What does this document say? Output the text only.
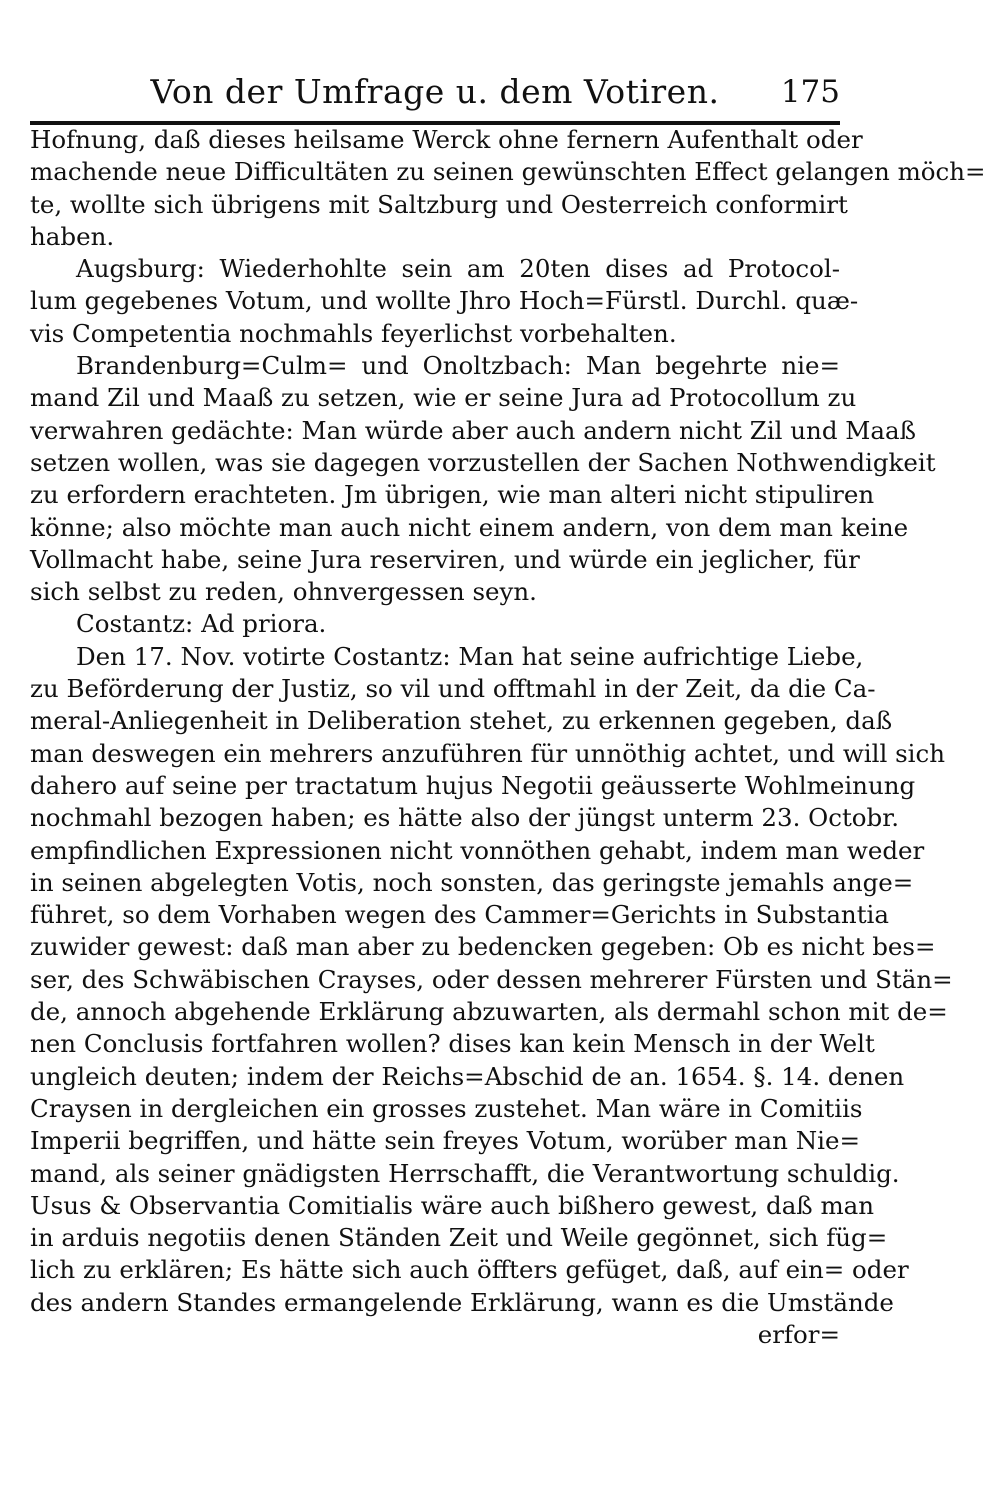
Von der Umfrage u. dem Votiren.	175
Hofnung, daß dieses heilsame Werck ohne fernern Aufenthalt oder
machende neue Difficultäten zu seinen gewünschten Effect gelangen möch=
te, wollte sich übrigens mit Saltzburg und Oesterreich conformirt
haben.
Augsburg: Wiederhohlte sein am 20ten dises ad Protocol-
lum gegebenes Votum, und wollte Jhro Hoch=Fürstl. Durchl. quæ-
vis Competentia nochmahls feyerlichst vorbehalten.
Brandenburg=Culm= und Onoltzbach: Man begehrte nie=
mand Zil und Maaß zu setzen, wie er seine Jura ad Protocollum zu
verwahren gedächte: Man würde aber auch andern nicht Zil und Maaß
setzen wollen, was sie dagegen vorzustellen der Sachen Nothwendigkeit
zu erfordern erachteten. Jm übrigen, wie man alteri nicht stipuliren
könne; also möchte man auch nicht einem andern, von dem man keine
Vollmacht habe, seine Jura reserviren, und würde ein jeglicher, für
sich selbst zu reden, ohnvergessen seyn.
Costantz: Ad priora.
Den 17. Nov. votirte Costantz: Man hat seine aufrichtige Liebe,
zu Beförderung der Justiz, so vil und offtmahl in der Zeit, da die Ca-
meral-Anliegenheit in Deliberation stehet, zu erkennen gegeben, daß
man deswegen ein mehrers anzuführen für unnöthig achtet, und will sich
dahero auf seine per tractatum hujus Negotii geäusserte Wohlmeinung
nochmahl bezogen haben; es hätte also der jüngst unterm 23. Octobr.
empfindlichen Expressionen nicht vonnöthen gehabt, indem man weder
in seinen abgelegten Votis, noch sonsten, das geringste jemahls ange=
führet, so dem Vorhaben wegen des Cammer=Gerichts in Substantia
zuwider gewest: daß man aber zu bedencken gegeben: Ob es nicht bes=
ser, des Schwäbischen Crayses, oder dessen mehrerer Fürsten und Stän=
de, annoch abgehende Erklärung abzuwarten, als dermahl schon mit de=
nen Conclusis fortfahren wollen? dises kan kein Mensch in der Welt
ungleich deuten; indem der Reichs=Abschid de an. 1654. §. 14. denen
Craysen in dergleichen ein grosses zustehet. Man wäre in Comitiis
Imperii begriffen, und hätte sein freyes Votum, worüber man Nie=
mand, als seiner gnädigsten Herrschafft, die Verantwortung schuldig.
Usus & Observantia Comitialis wäre auch bißhero gewest, daß man
in arduis negotiis denen Ständen Zeit und Weile gegönnet, sich füg=
lich zu erklären; Es hätte sich auch öffters gefüget, daß, auf ein= oder
des andern Standes ermangelende Erklärung, wann es die Umstände
erfor=
